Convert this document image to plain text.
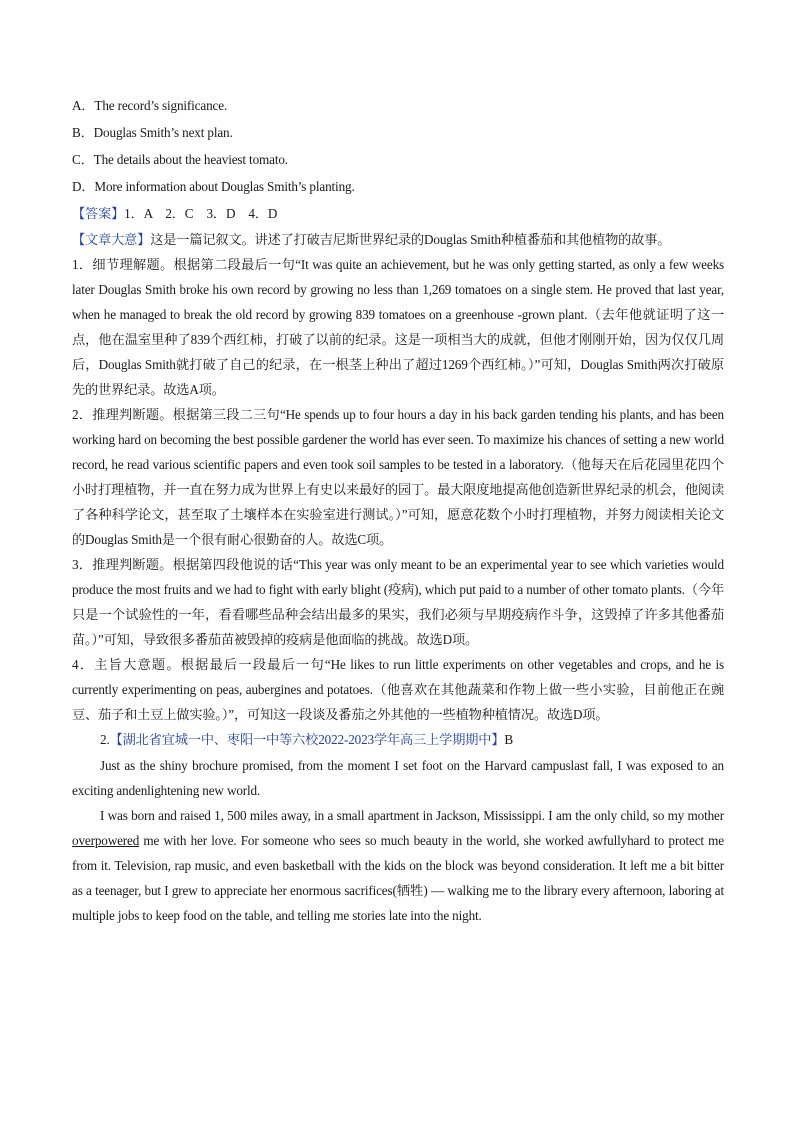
A．The record’s significance.

B．Douglas Smith’s next plan.

C．The details about the heaviest tomato.

D．More information about Douglas Smith’s planting.

【答案】1．A　2．C　3．D　4．D

【文章大意】这是一篇记叙文。讲述了打破吉尼斯世界纪录的Douglas Smith种植番茄和其他植物的故事。

1．细节理解题。根据第二段最后一句“It was quite an achievement, but he was only getting started, as only a few weeks later Douglas Smith broke his own record by growing no less than 1,269 tomatoes on a single stem. He proved that last year, when he managed to break the old record by growing 839 tomatoes on a greenhouse -grown plant.（去年他就证明了这一点，他在温室里种了839个西红柿，打破了以前的纪录。这是一项相当大的成就，但他才刚刚开始，因为仅仅几周后，Douglas Smith就打破了自己的纪录，在一根茎上种出了超过1269个西红柿。）”可知，Douglas Smith两次打破原先的世界纪录。故选A项。

2．推理判断题。根据第三段二三句“He spends up to four hours a day in his back garden tending his plants, and has been working hard on becoming the best possible gardener the world has ever seen. To maximize his chances of setting a new world record, he read various scientific papers and even took soil samples to be tested in a laboratory.（他每天在后花园里花四个小时打理植物，并一直在努力成为世界上有史以来最好的园丁。最大限度地提高他创造新世界纪录的机会，他阅读了各种科学论文，甚至取了土壤样本在实验室进行测试。）”可知，愿意花数个小时打理植物，并努力阅读相关论文的Douglas Smith是一个很有耐心很勤奋的人。故选C项。

3．推理判断题。根据第四段他说的话“This year was only meant to be an experimental year to see which varieties would produce the most fruits and we had to fight with early blight (疫病), which put paid to a number of other tomato plants.（今年只是一个试验性的一年，看看哪些品种会结出最多的果实，我们必须与早期疫病作斗争，这毁掉了许多其他番茄苗。）”可知，导致很多番茄苗被毁掉的疫病是他面临的挑战。故选D项。

4．主旨大意题。根据最后一段最后一句“He likes to run little experiments on other vegetables and crops, and he is currently experimenting on peas, aubergines and potatoes.（他喜欢在其他蔬菜和作物上做一些小实验，目前他正在豌豆、茄子和土豆上做实验。）”，可知这一段谈及番茄之外其他的一些植物种植情况。故选D项。

2.【湖北省宜城一中、枣阳一中等六校2022-2023学年高三上学期期中】B

Just as the shiny brochure promised, from the moment I set foot on the Harvard campuslast fall, I was exposed to an exciting andenlightening new world.

I was born and raised 1, 500 miles away, in a small apartment in Jackson, Mississippi. I am the only child, so my mother overpowered me with her love. For someone who sees so much beauty in the world, she worked awfullyhard to protect me from it. Television, rap music, and even basketball with the kids on the block was beyond consideration. It left me a bit bitter as a teenager, but I grew to appreciate her enormous sacrifices(牺牲) — walking me to the library every afternoon, laboring at multiple jobs to keep food on the table, and telling me stories late into the night.
